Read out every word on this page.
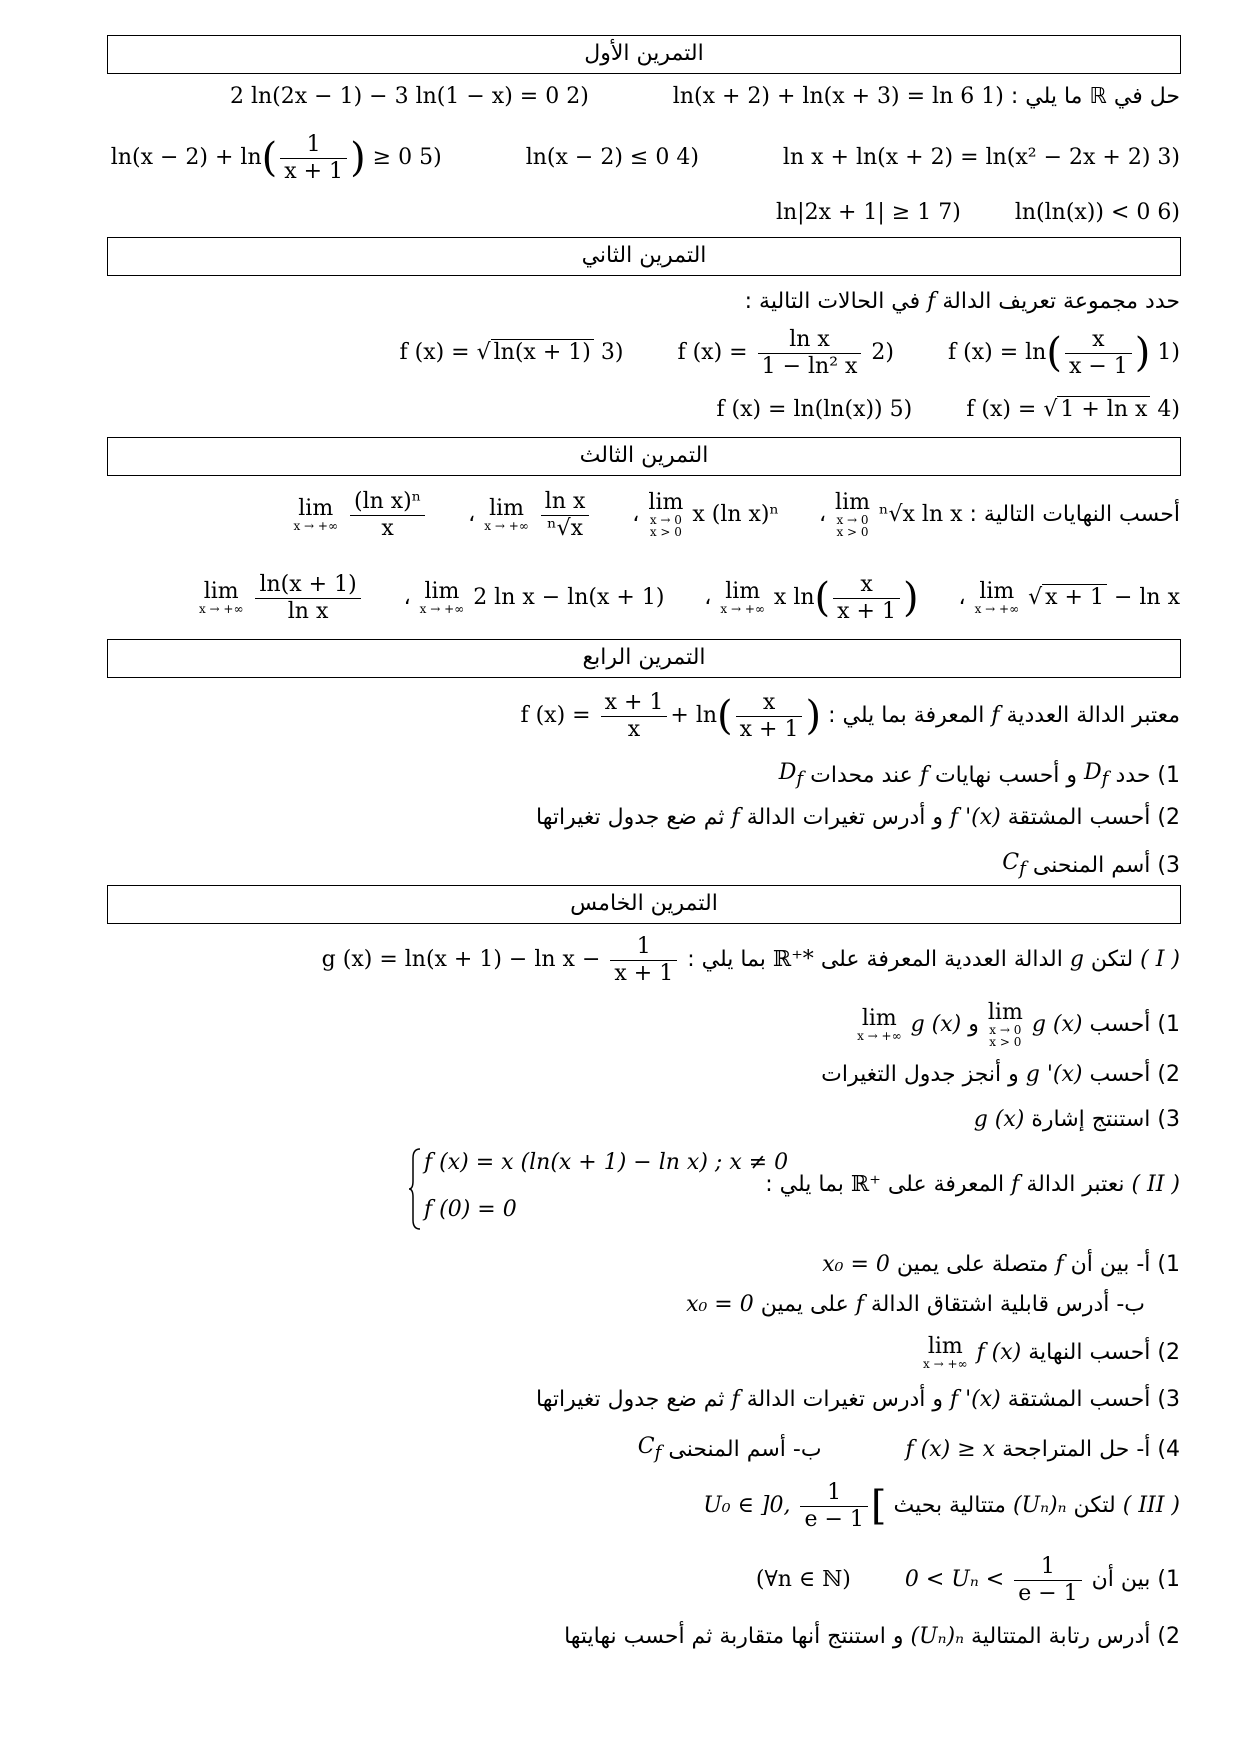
التمرين الأول
حل في ℝ ما يلي : 1) ln(x + 2) + ln(x + 3) = ln 6  2) 2 ln(2x − 1) − 3 ln(1 − x) = 0
3) ln x + ln(x + 2) = ln(x² − 2x + 2)  4) ln(x − 2) ≤ 0  5) $\ln(x - 2) + \ln( \frac{1}{x + 1}$ ) ≥ 0
6) ln(ln(x)) < 0  7) ln|2x + 1| ≥ 1
التمرين الثاني
حدد مجموعة تعريف الدالة f في الحالات التالية :
1) f $(x) = \ln( \frac{x}{x - 1}$ )  2) f $(x) = \frac{\text{ln x}}{\text{1 − ln² x}}$
3) f (x) = √ ln(x + 1)
4) f (x) = √ 1 + ln x  5) f (x) = ln(ln(x))
التمرين الثالث
أحسب النهايات التالية : lim
x → 0
x > 0
ⁿ√x ln x ، lim
x → 0
x > 0
x (ln x)ⁿ ، lim
x → +∞
$\frac{\text{ln x}}{\text{ⁿ√x}}$
، lim
x → +∞
$\frac{\text{(ln x)ⁿ}}{x}$
lim
x → +∞ √ x + 1 − ln x ، lim
x → +∞ x $\ln( \frac{x}{x + 1}$ ) ، lim
x → +∞ 2 ln x − ln(x + 1) ، lim
x → +∞
$\frac{\ln(x + 1)}{\text{ln x}}$
التمرين الرابع
معتبر الدالة العددية f المعرفة بما يلي : f $(x) = \frac{x + 1}{x} + \ln( \frac{x}{x + 1}$ )
1) حدد $D_f$ و أحسب نهايات f عند محدات $D_f$
2) أحسب المشتقة f '(x) و أدرس تغيرات الدالة f ثم ضع جدول تغيراتها
3) أسم المنحنى $C_f$
التمرين الخامس
( I ) لتكن g الدالة العددية المعرفة على ℝ⁺* بما يلي : g $(x) = \ln(x + 1) - \ln x - \frac{1}{x + 1}$
1) أحسب lim
x → 0
x > 0
g (x) و lim
x → +∞ g (x)
2) أحسب g '(x) و أنجز جدول التغيرات
3) استنتج إشارة g (x)
( II ) نعتبر الدالة f المعرفة على ℝ⁺ بما يلي :
f (x) = x (ln(x + 1) − ln x) ; x ≠ 0
f (0) = 0
1) أ- بين أن f متصلة على يمين x₀ = 0
ب- أدرس قابلية اشتقاق الدالة f على يمين x₀ = 0
2) أحسب النهاية lim
x → +∞ f (x)
3) أحسب المشتقة f '(x) و أدرس تغيرات الدالة f ثم ضع جدول تغيراتها
4) أ- حل المتراجحة f (x) ≥ x  ب- أسم المنحنى $C_f$
( III ) لتكن (Uₙ)ₙ متتالية بحيث U₀ ∈ ]0, $\frac{1}{e - 1}$ [
1) بين أن $0 < U_n < \frac{1}{e - 1}$
(∀n ∈ ℕ)
2) أدرس رتابة المتتالية (Uₙ)ₙ و استنتج أنها متقاربة ثم أحسب نهايتها
